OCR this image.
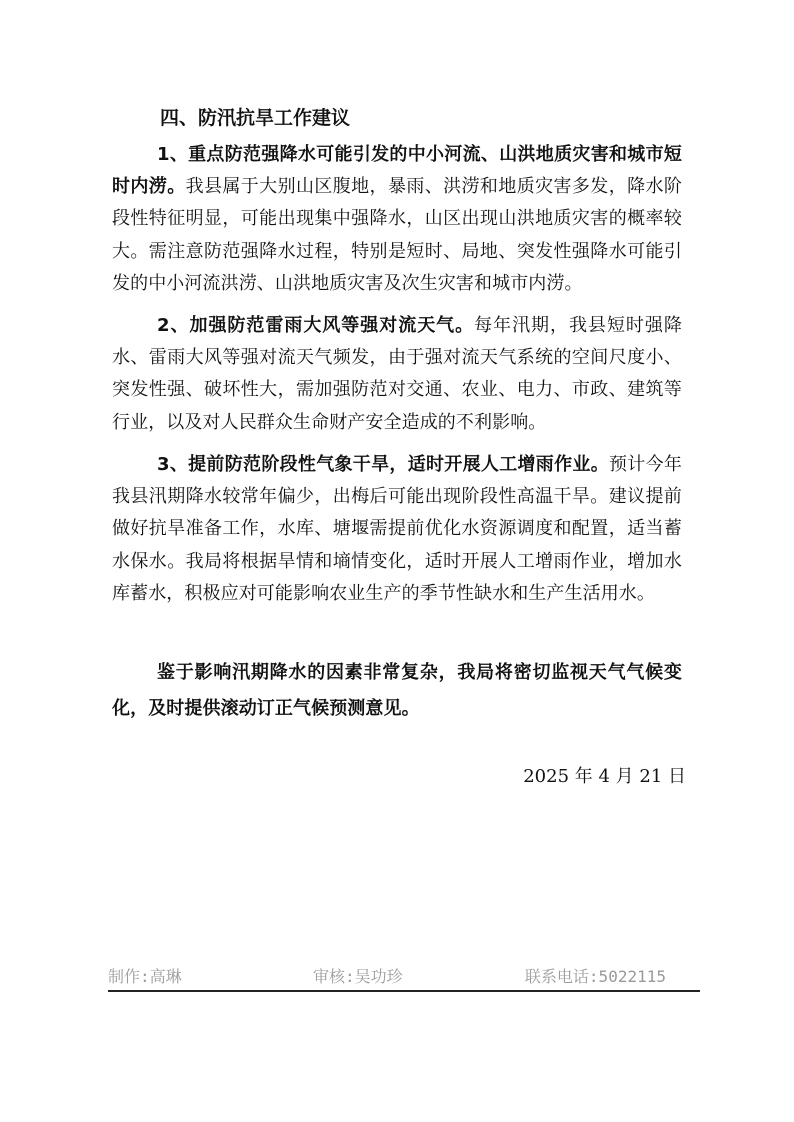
四、防汛抗旱工作建议

1、重点防范强降水可能引发的中小河流、山洪地质灾害和城市短时内涝。我县属于大别山区腹地，暴雨、洪涝和地质灾害多发，降水阶段性特征明显，可能出现集中强降水，山区出现山洪地质灾害的概率较大。需注意防范强降水过程，特别是短时、局地、突发性强降水可能引发的中小河流洪涝、山洪地质灾害及次生灾害和城市内涝。

2、加强防范雷雨大风等强对流天气。每年汛期，我县短时强降水、雷雨大风等强对流天气频发，由于强对流天气系统的空间尺度小、突发性强、破坏性大，需加强防范对交通、农业、电力、市政、建筑等行业，以及对人民群众生命财产安全造成的不利影响。

3、提前防范阶段性气象干旱，适时开展人工增雨作业。预计今年我县汛期降水较常年偏少，出梅后可能出现阶段性高温干旱。建议提前做好抗旱准备工作，水库、塘堰需提前优化水资源调度和配置，适当蓄水保水。我局将根据旱情和墒情变化，适时开展人工增雨作业，增加水库蓄水，积极应对可能影响农业生产的季节性缺水和生产生活用水。

鉴于影响汛期降水的因素非常复杂，我局将密切监视天气气候变化，及时提供滚动订正气候预测意见。

2025 年 4 月 21 日
制作:高琳	审核:吴功珍	联系电话:5022115
